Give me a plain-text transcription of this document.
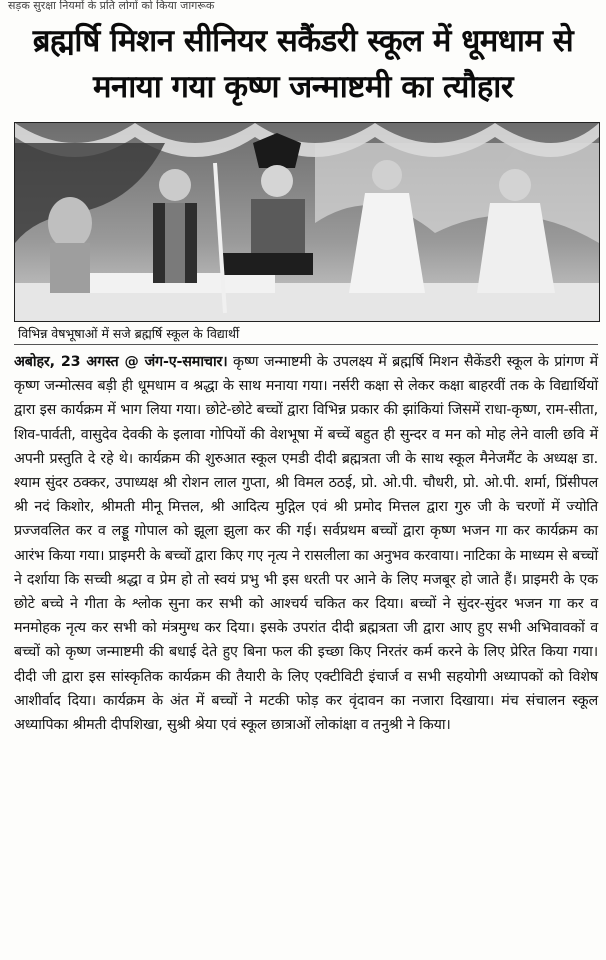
सड़क सुरक्षा नियमों के प्रति लोगों को किया जागरूक
ब्रह्मर्षि मिशन सीनियर सकैंडरी स्कूल में धूमधाम से मनाया गया कृष्ण जन्माष्टमी का त्यौहार
विभिन्न वेषभूषाओं में सजे ब्रह्मर्षि स्कूल के विद्यार्थी
अबोहर, 23 अगस्त @ जंग-ए-समाचार। कृष्ण जन्माष्टमी के उपलक्ष्य में ब्रह्मर्षि मिशन सैकेंडरी स्कूल के प्रांगण में कृष्ण जन्मोत्सव बड़ी ही धूमधाम व श्रद्धा के साथ मनाया गया। नर्सरी कक्षा से लेकर कक्षा बाहरवीं तक के विद्यार्थियों द्वारा इस कार्यक्रम में भाग लिया गया। छोटे-छोटे बच्चों द्वारा विभिन्न प्रकार की झांकियां जिसमें राधा-कृष्ण, राम-सीता, शिव-पार्वती, वासुदेव देवकी के इलावा गोपियों की वेशभूषा में बच्चें बहुत ही सुन्दर व मन को मोह लेने वाली छवि में अपनी प्रस्तुति दे रहे थे। कार्यक्रम की शुरुआत स्कूल एमडी दीदी ब्रह्मत्रता जी के साथ स्कूल मैनेजमैंट के अध्यक्ष डा. श्याम सुंदर ठक्कर, उपाध्यक्ष श्री रोशन लाल गुप्ता, श्री विमल ठठई, प्रो. ओ.पी. चौधरी, प्रो. ओ.पी. शर्मा, प्रिंसीपल श्री नदं किशोर, श्रीमती मीनू मित्तल, श्री आदित्य मुद्गिल एवं श्री प्रमोद मित्तल द्वारा गुरु जी के चरणों में ज्योति प्रज्जवलित कर व लड्डू गोपाल को झूला झुला कर की गई। सर्वप्रथम बच्चों द्वारा कृष्ण भजन गा कर कार्यक्रम का आरंभ किया गया। प्राइमरी के बच्चों द्वारा किए गए नृत्य ने रासलीला का अनुभव करवाया। नाटिका के माध्यम से बच्चों ने दर्शाया कि सच्ची श्रद्धा व प्रेम हो तो स्वयं प्रभु भी इस धरती पर आने के लिए मजबूर हो जाते हैं। प्राइमरी के एक छोटे बच्चे ने गीता के श्लोक सुना कर सभी को आश्चर्य चकित कर दिया। बच्चों ने सुंदर-सुंदर भजन गा कर व मनमोहक नृत्य कर सभी को मंत्रमुग्ध कर दिया। इसके उपरांत दीदी ब्रह्मत्रता जी द्वारा आए हुए सभी अभिवावकों व बच्चों को कृष्ण जन्माष्टमी की बधाई देते हुए बिना फल की इच्छा किए निरतंर कर्म करने के लिए प्रेरित किया गया। दीदी जी द्वारा इस सांस्कृतिक कार्यक्रम की तैयारी के लिए एक्टीविटी इंचार्ज व सभी सहयोगी अध्यापकों को विशेष आशीर्वाद दिया। कार्यक्रम के अंत में बच्चों ने मटकी फोड़ कर वृंदावन का नजारा दिखाया। मंच संचालन स्कूल अध्यापिका श्रीमती दीपशिखा, सुश्री श्रेया एवं स्कूल छात्राओं लोकांक्षा व तनुश्री ने किया।
